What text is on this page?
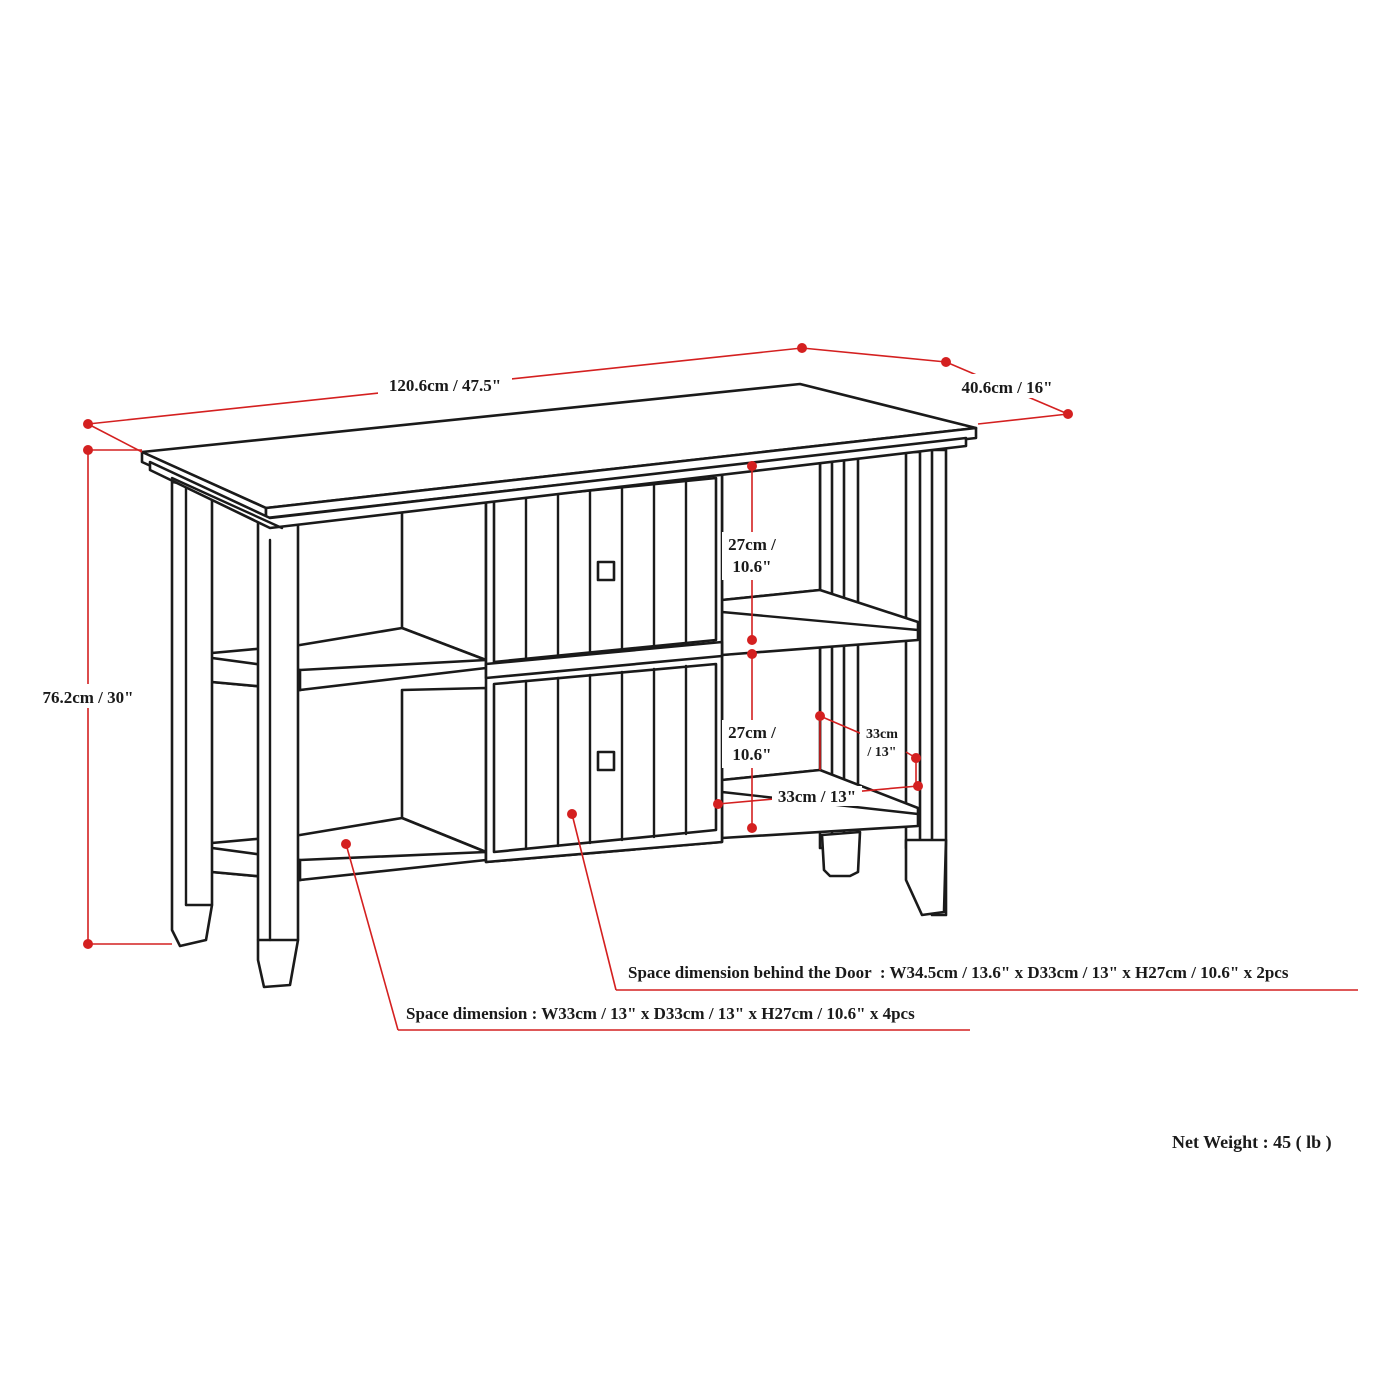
120.6cm / 47.5"	40.6cm / 16"
76.2cm / 30"
27cm /
10.6"
27cm /
10.6"
33cm / 13"
33cm
/ 13"
Space dimension behind the Door  : W34.5cm / 13.6" x D33cm / 13" x H27cm / 10.6" x 2pcs
Space dimension : W33cm / 13" x D33cm / 13" x H27cm / 10.6" x 4pcs
Net Weight : 45 ( lb )
